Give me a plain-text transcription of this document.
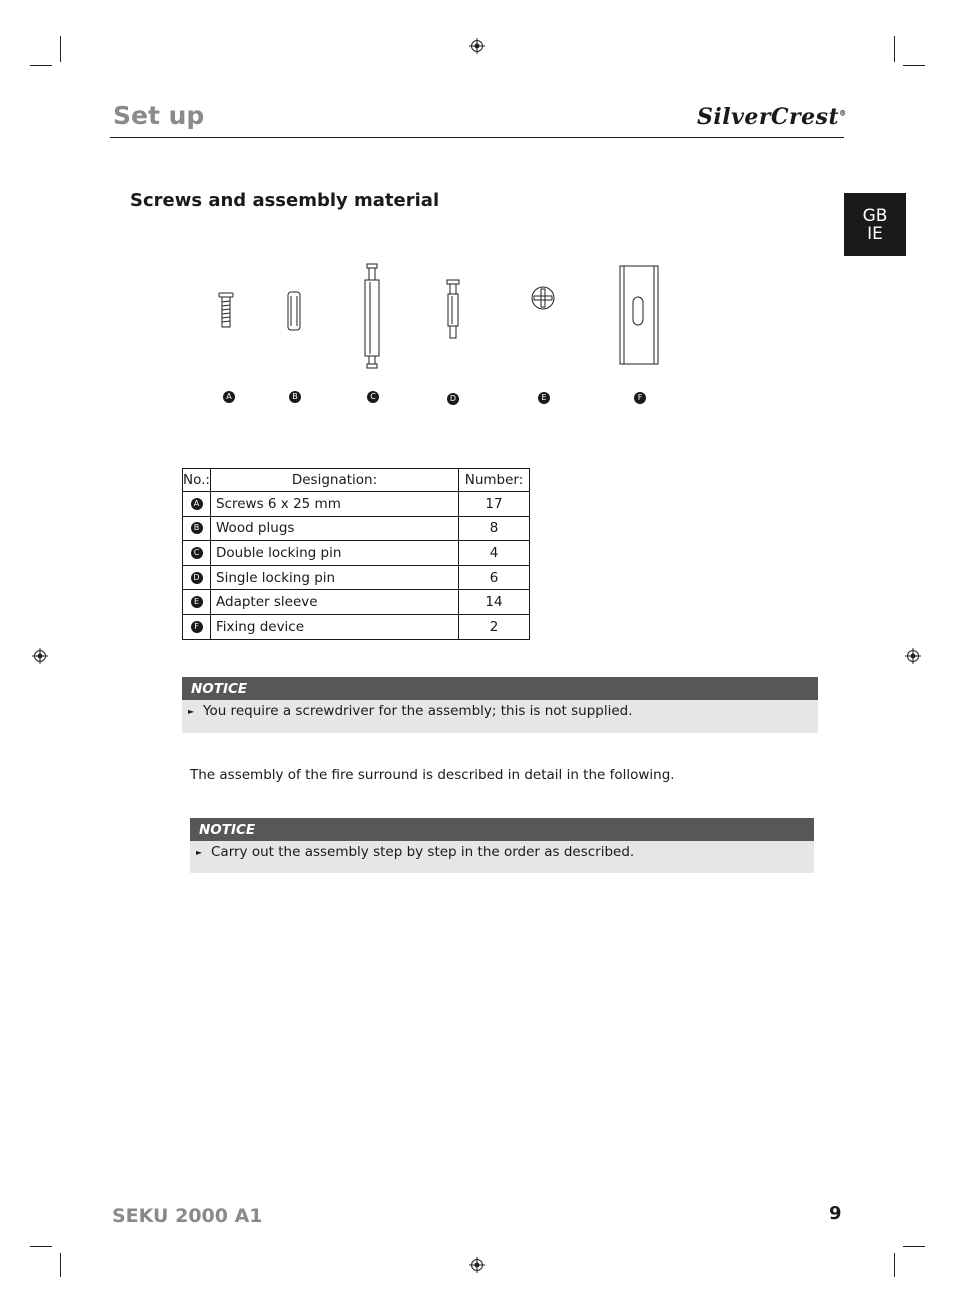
Set up	SilverCrest®
GB
IE
Screws and assembly material
A	B	C	D	E	F
No.:	Designation:	Number:
A	Screws 6 x 25 mm	17
B	Wood plugs	8
C	Double locking pin	4
D	Single locking pin	6
E	Adapter sleeve	14
F	Fixing device	2
NOTICE
► You require a screwdriver for the assembly; this is not supplied.

The assembly of the fire surround is described in detail in the following.

NOTICE
► Carry out the assembly step by step in the order as described.
SEKU 2000 A1	9
